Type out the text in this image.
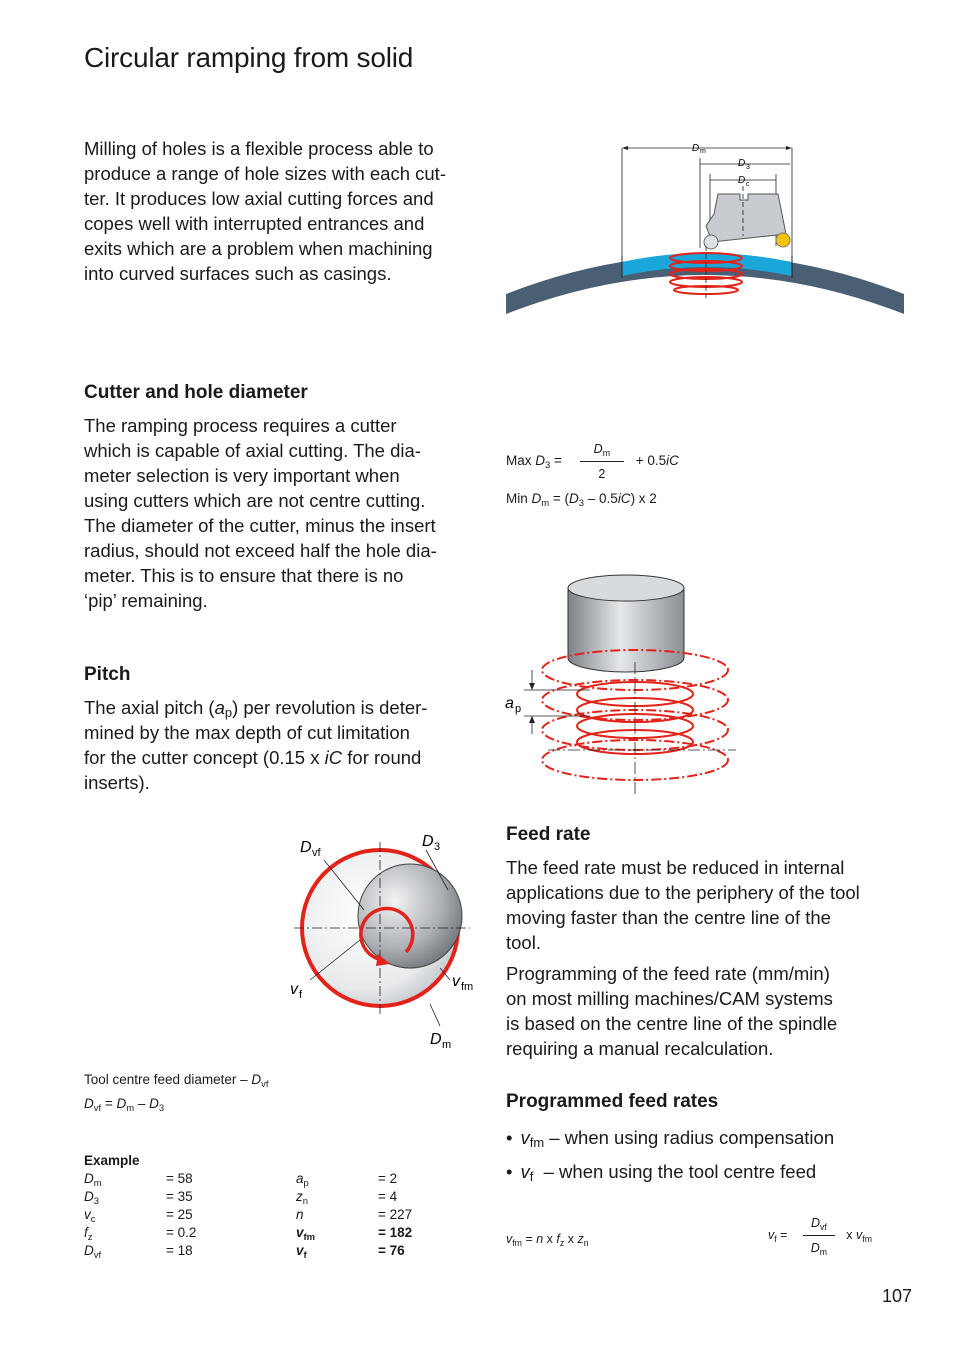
Circular ramping from solid
Milling of holes is a flexible process able to
produce a range of hole sizes with each cut-
ter. It produces low axial cutting forces and
copes well with interrupted entrances and
exits which are a problem when machining
into curved surfaces such as casings.
D m
D 3
D c
Cutter and hole diameter
The ramping process requires a cutter
which is capable of axial cutting. The dia-
meter selection is very important when
using cutters which are not centre cutting.
The diameter of the cutter, minus the insert
radius, should not exceed half the hole dia-
meter. This is to ensure that there is no
‘pip’ remaining.
Max $D_3 = \frac{D_m}{2} + 0.5iC$
Min $D_m = (D_3 - 0.5iC)$ x 2
a p
Pitch
The axial pitch $(a_p)$ per revolution is deter-
mined by the max depth of cut limitation
for the cutter concept (0.15 x iC for round
inserts).
D vf
D 3
v f
v fm
D m
Tool centre feed diameter – $D_{vf}$
$D_{vf} = D_m - D_3$
Example
$D_m$	= 58	$a_p$	= 2
$D_3$	= 35	$z_n$	= 4
$v_c$	= 25	n	= 227
$f_z$	= 0.2	$v_{fm}$	= 182
$D_{vf}$	= 18	$v_f$	= 76
Feed rate
The feed rate must be reduced in internal
applications due to the periphery of the tool
moving faster than the centre line of the
tool.
Programming of the feed rate (mm/min)
on most milling machines/CAM systems
is based on the centre line of the spindle
requiring a manual recalculation.
Programmed feed rates
• $v_{fm}$ – when using radius compensation
• $v_f$  – when using the tool centre feed
$v_{fm} = n$ x $f_z$ x $z_n$
$v_f = \frac{D_{vf}}{D_m}$ x $v_{fm}$
107
